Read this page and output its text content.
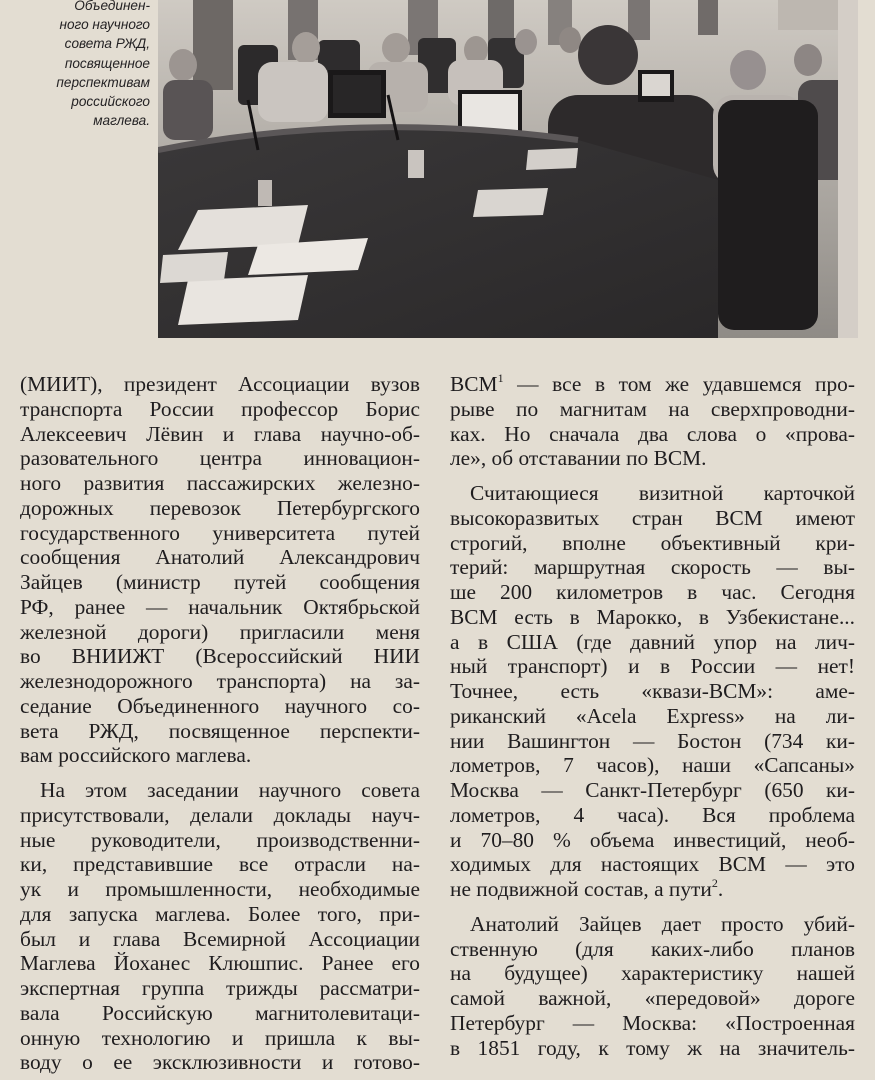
Объединен-
ного научного
совета РЖД,
посвященное
перспективам
российского
маглева.

(МИИТ), президент Ассоциации вузов
транспорта России профессор Борис
Алексеевич Лёвин и глава научно-об-
разовательного центра инновацион-
ного развития пассажирских железно-
дорожных перевозок Петербургского
государственного университета путей
сообщения Анатолий Александрович
Зайцев (министр путей сообщения
РФ, ранее — начальник Октябрьской
железной дороги) пригласили меня
во ВНИИЖТ (Всероссийский НИИ
железнодорожного транспорта) на за-
седание Объединенного научного со-
вета РЖД, посвященное перспекти-
вам российского маглева.

На этом заседании научного совета
присутствовали, делали доклады науч-
ные руководители, производственни-
ки, представившие все отрасли на-
ук и промышленности, необходимые
для запуска маглева. Более того, при-
был и глава Всемирной Ассоциации
Маглева Йоханес Клюшпис. Ранее его
экспертная группа трижды рассматри-
вала Российскую магнитолевитаци-
онную технологию и пришла к вы-
воду о ее эксклюзивности и готово-

ВСМ$^1$ — все в том же удавшемся про-
рыве по магнитам на сверхпроводни-
ках. Но сначала два слова о «прова-
ле», об отставании по ВСМ.

Считающиеся визитной карточкой
высокоразвитых стран ВСМ имеют
строгий, вполне объективный кри-
терий: маршрутная скорость — вы-
ше 200 километров в час. Сегодня
ВСМ есть в Марокко, в Узбекистане...
а в США (где давний упор на лич-
ный транспорт) и в России — нет!
Точнее, есть «квази-ВСМ»: аме-
риканский «Acela Express» на ли-
нии Вашингтон — Бостон (734 ки-
лометров, 7 часов), наши «Сапсаны»
Москва — Санкт-Петербург (650 ки-
лометров, 4 часа). Вся проблема
и 70–80 % объема инвестиций, необ-
ходимых для настоящих ВСМ — это
не подвижной состав, а пути$^2$.

Анатолий Зайцев дает просто убий-
ственную (для каких-либо планов
на будущее) характеристику нашей
самой важной, «передовой» дороге
Петербург — Москва: «Построенная
в 1851 году, к тому ж на значитель-
